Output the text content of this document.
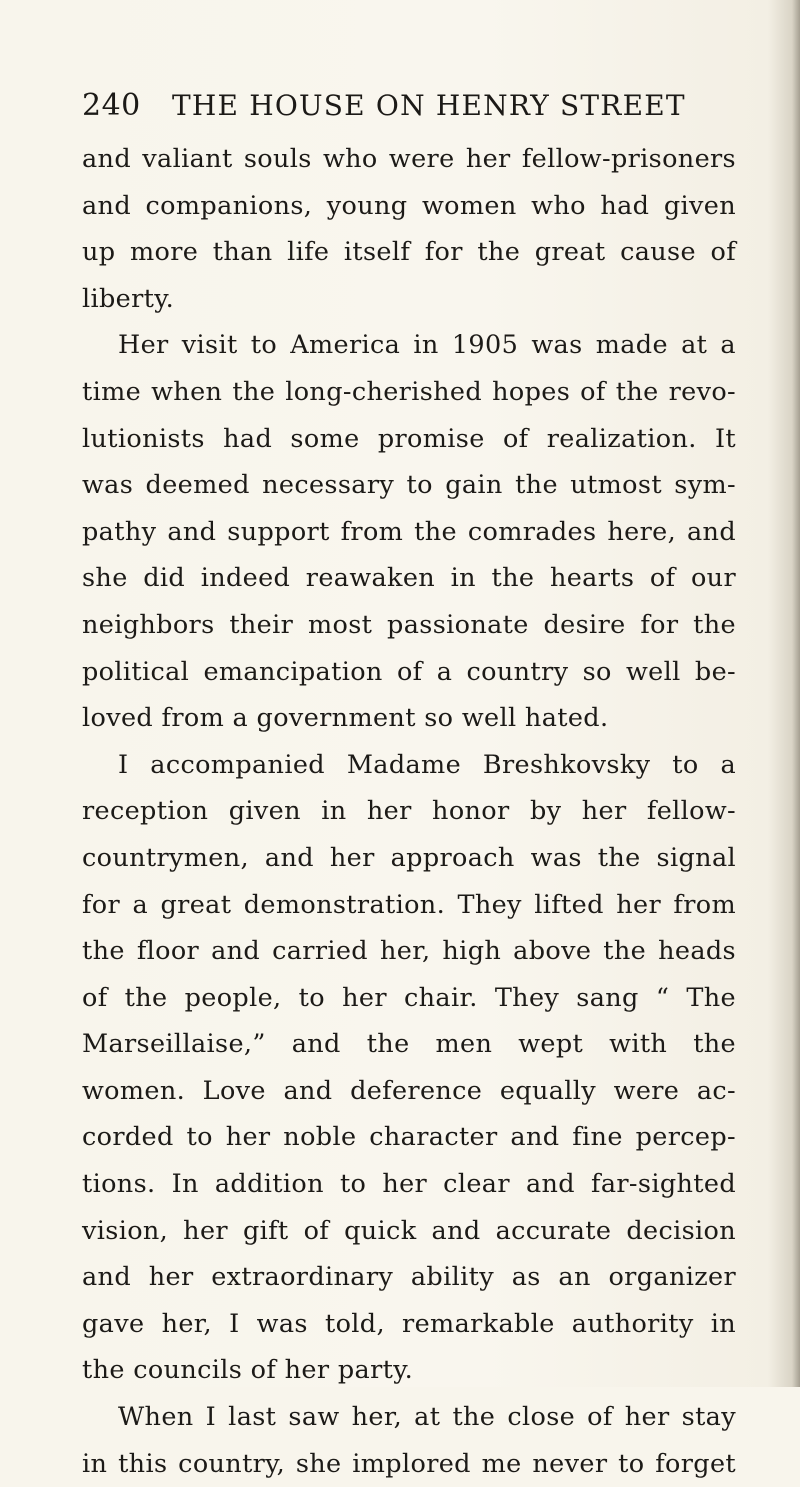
240 THE HOUSE ON HENRY STREET
and valiant souls who were her fellow-prisoners
and companions, young women who had given
up more than life itself for the great cause of
liberty.
Her visit to America in 1905 was made at a
time when the long-cherished hopes of the revo-
lutionists had some promise of realization. It
was deemed necessary to gain the utmost sym-
pathy and support from the comrades here, and
she did indeed reawaken in the hearts of our
neighbors their most passionate desire for the
political emancipation of a country so well be-
loved from a government so well hated.
I accompanied Madame Breshkovsky to a
reception given in her honor by her fellow-
countrymen, and her approach was the signal
for a great demonstration. They lifted her from
the floor and carried her, high above the heads
of the people, to her chair. They sang “ The
Marseillaise,” and the men wept with the
women. Love and deference equally were ac-
corded to her noble character and fine percep-
tions. In addition to her clear and far-sighted
vision, her gift of quick and accurate decision
and her extraordinary ability as an organizer
gave her, I was told, remarkable authority in
the councils of her party.
When I last saw her, at the close of her stay
in this country, she implored me never to forget
